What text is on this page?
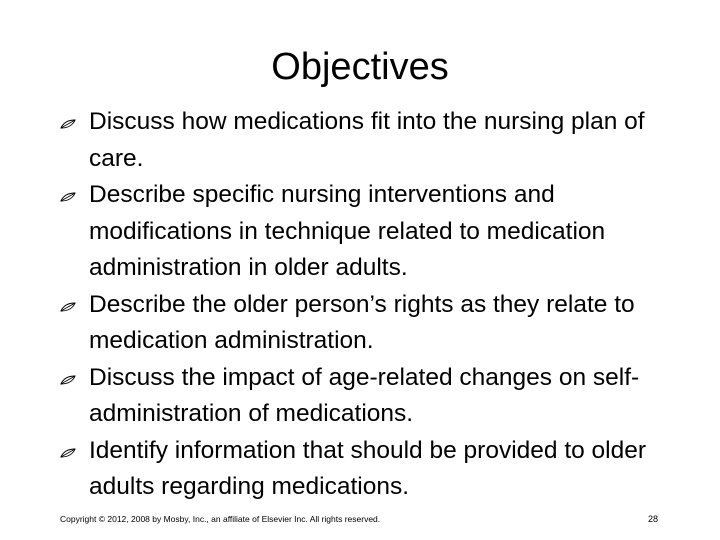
Objectives
Discuss how medications fit into the nursing plan of care.
Describe specific nursing interventions and modifications in technique related to medication administration in older adults.
Describe the older person’s rights as they relate to medication administration.
Discuss the impact of age-related changes on self-administration of medications.
Identify information that should be provided to older adults regarding medications.
Copyright © 2012, 2008 by Mosby, Inc., an affiliate of Elsevier Inc. All rights reserved.	28
